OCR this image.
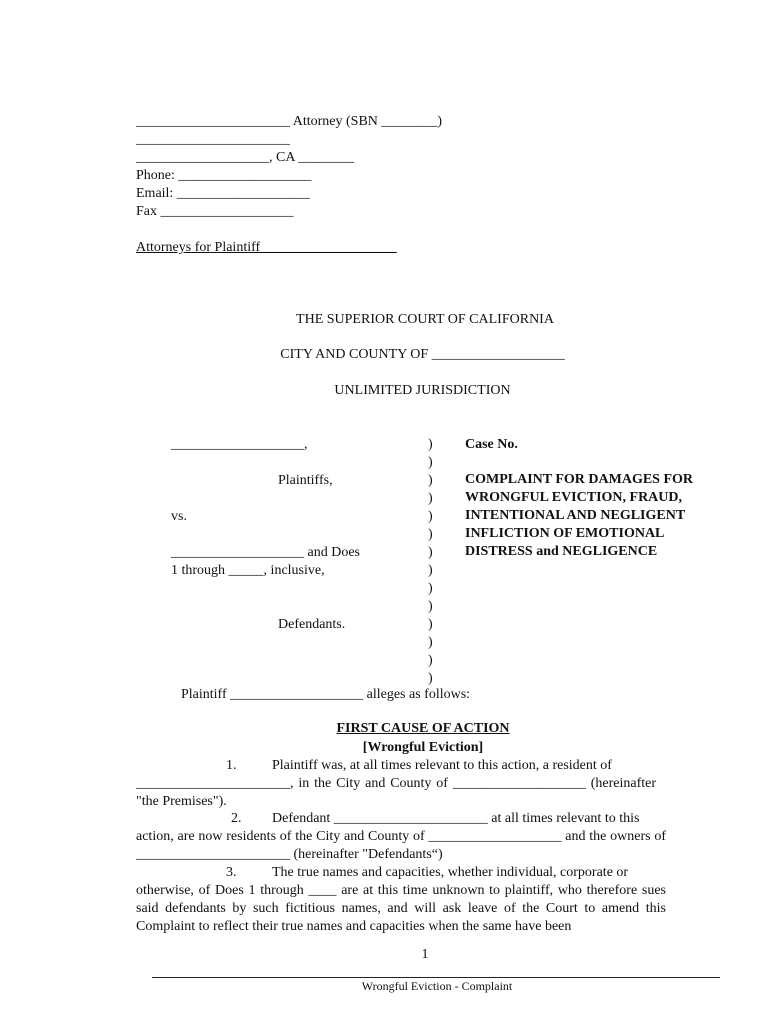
______________________ Attorney (SBN ________)
______________________
___________________, CA ________
Phone: ___________________
Email: ___________________
Fax ___________________
Attorneys for Plaintiff ___________________
THE SUPERIOR COURT OF CALIFORNIA
CITY AND COUNTY OF ___________________
UNLIMITED JURISDICTION
___________________,
Plaintiffs,
vs.
___________________ and Does
1 through _____, inclusive,
Defendants.
)
)
)
)
)
)
)
)
)
)
)
)
)
)
Case No.
COMPLAINT FOR DAMAGES FOR WRONGFUL EVICTION, FRAUD, INTENTIONAL AND NEGLIGENT INFLICTION OF EMOTIONAL DISTRESS and NEGLIGENCE
Plaintiff ___________________ alleges as follows:
FIRST CAUSE OF ACTION
[Wrongful Eviction]
1.	Plaintiff was, at all times relevant to this action, a resident of
______________________, in the City and County of ___________________ (hereinafter "the Premises").
2. Defendant ______________________ at all times relevant to this
action, are now residents of the City and County of ___________________ and the owners of ______________________ (hereinafter "Defendants“)
3.	The true names and capacities, whether individual, corporate or
otherwise, of Does 1 through ____ are at this time unknown to plaintiff, who therefore sues said defendants by such fictitious names, and will ask leave of the Court to amend this Complaint to reflect their true names and capacities when the same have been
1
Wrongful Eviction - Complaint
